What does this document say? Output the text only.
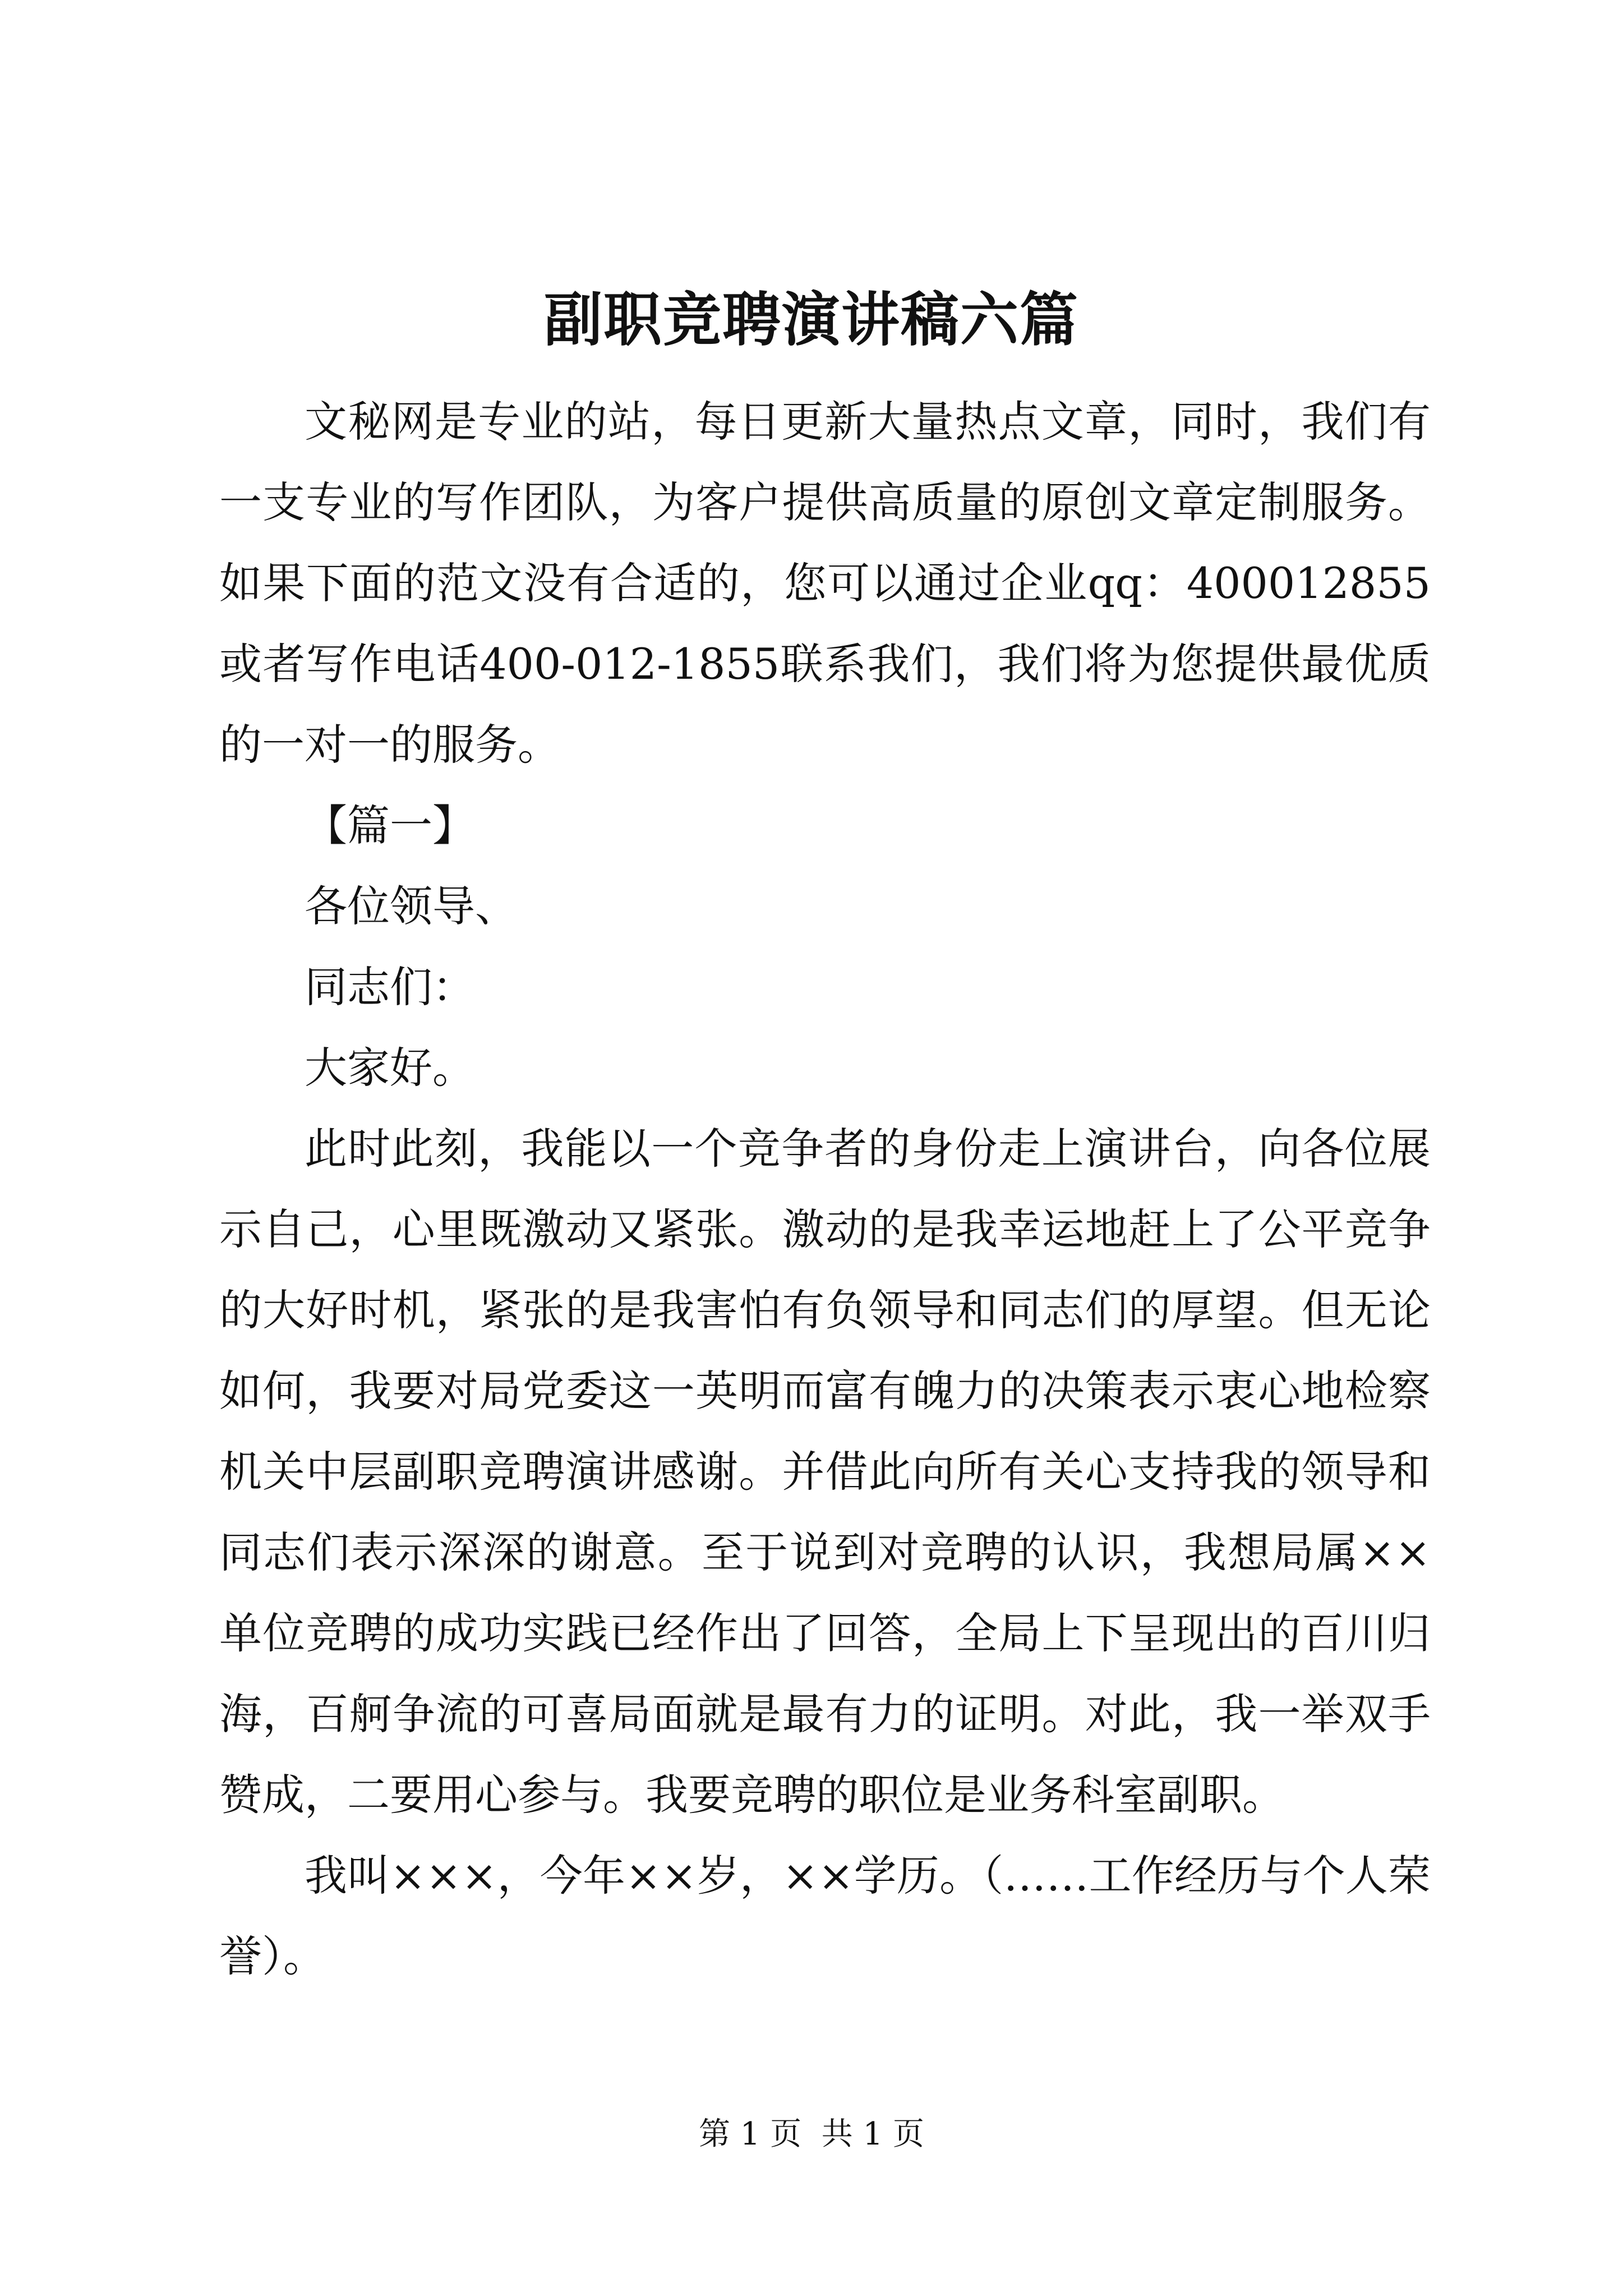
副职竞聘演讲稿六篇

文秘网是专业的站，每日更新大量热点文章，同时，我们有一支专业的写作团队，为客户提供高质量的原创文章定制服务。如果下面的范文没有合适的，您可以通过企业qq：400012855或者写作电话400-012-1855联系我们，我们将为您提供最优质的一对一的服务。

【篇一】

各位领导、

同志们：

大家好。

此时此刻，我能以一个竞争者的身份走上演讲台，向各位展示自己，心里既激动又紧张。激动的是我幸运地赶上了公平竞争的大好时机，紧张的是我害怕有负领导和同志们的厚望。但无论如何，我要对局党委这一英明而富有魄力的决策表示衷心地检察机关中层副职竞聘演讲感谢。并借此向所有关心支持我的领导和同志们表示深深的谢意。至于说到对竞聘的认识，我想局属××单位竞聘的成功实践已经作出了回答，全局上下呈现出的百川归海，百舸争流的可喜局面就是最有力的证明。对此，我一举双手赞成，二要用心参与。我要竞聘的职位是业务科室副职。

我叫×××，今年××岁，××学历。（……工作经历与个人荣誉）。

第 1 页  共 1 页
